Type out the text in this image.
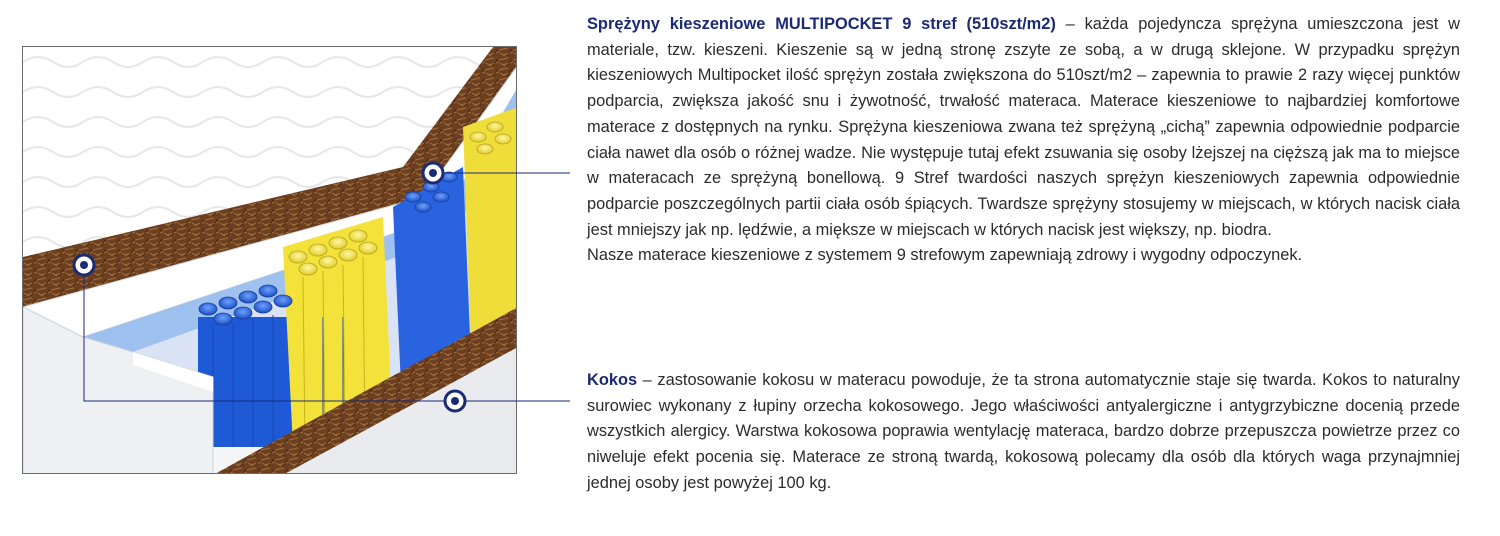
Sprężyny kieszeniowe MULTIPOCKET 9 stref (510szt/m2) – każda pojedyncza sprężyna umieszczona jest w materiale, tzw. kieszeni. Kieszenie są w jedną stronę zszyte ze sobą, a w drugą sklejone. W przypadku sprężyn kieszeniowych Multipocket ilość sprężyn została zwiększona do 510szt/m2 – zapewnia to prawie 2 razy więcej punktów podparcia, zwiększa jakość snu i żywotność, trwałość materaca. Materace kieszeniowe to najbardziej komfortowe materace z dostępnych na rynku. Sprężyna kieszeniowa zwana też sprężyną „cichą” zapewnia odpowiednie podparcie ciała nawet dla osób o różnej wadze. Nie występuje tutaj efekt zsuwania się osoby lżejszej na cięższą jak ma to miejsce w materacach ze sprężyną bonellową. 9 Stref twardości naszych sprężyn kieszeniowych zapewnia odpowiednie podparcie poszczególnych partii ciała osób śpiących. Twardsze sprężyny stosujemy w miejscach, w których nacisk ciała jest mniejszy jak np. lędźwie, a miększe w miejscach w których nacisk jest większy, np. biodra.

Nasze materace kieszeniowe z systemem 9 strefowym zapewniają zdrowy i wygodny odpoczynek.

Kokos – zastosowanie kokosu w materacu powoduje, że ta strona automatycznie staje się twarda. Kokos to naturalny surowiec wykonany z łupiny orzecha kokosowego. Jego właściwości antyalergiczne i antygrzybiczne docenią przede wszystkich alergicy. Warstwa kokosowa poprawia wentylację materaca, bardzo dobrze przepuszcza powietrze przez co niweluje efekt pocenia się. Materace ze stroną twardą, kokosową polecamy dla osób dla których waga przynajmniej jednej osoby jest powyżej 100 kg.
